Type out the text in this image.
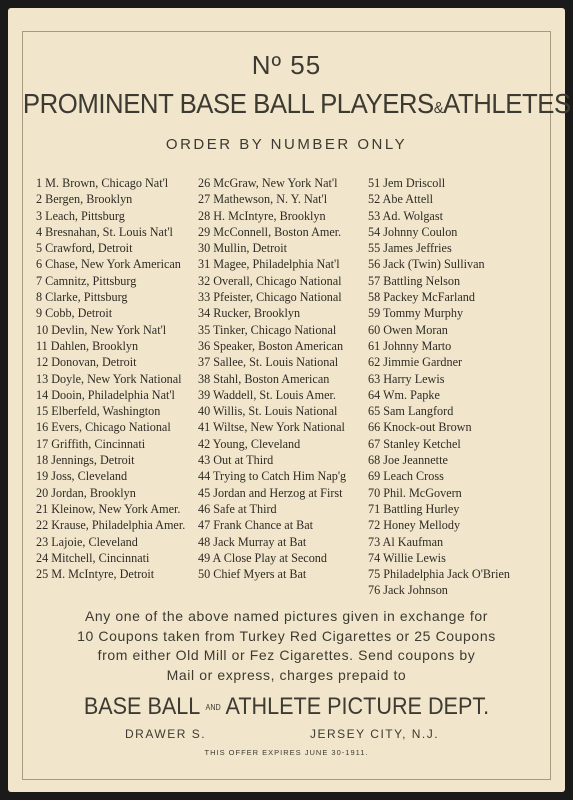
Nº 55
PROMINENT BASE BALL PLAYERS&ATHLETES
ORDER BY NUMBER ONLY
1 M. Brown, Chicago Nat'l
2 Bergen, Brooklyn
3 Leach, Pittsburg
4 Bresnahan, St. Louis Nat'l
5 Crawford, Detroit
6 Chase, New York American
7 Camnitz, Pittsburg
8 Clarke, Pittsburg
9 Cobb, Detroit
10 Devlin, New York Nat'l
11 Dahlen, Brooklyn
12 Donovan, Detroit
13 Doyle, New York National
14 Dooin, Philadelphia Nat'l
15 Elberfeld, Washington
16 Evers, Chicago National
17 Griffith, Cincinnati
18 Jennings, Detroit
19 Joss, Cleveland
20 Jordan, Brooklyn
21 Kleinow, New York Amer.
22 Krause, Philadelphia Amer.
23 Lajoie, Cleveland
24 Mitchell, Cincinnati
25 M. McIntyre, Detroit
26 McGraw, New York Nat'l
27 Mathewson, N. Y. Nat'l
28 H. McIntyre, Brooklyn
29 McConnell, Boston Amer.
30 Mullin, Detroit
31 Magee, Philadelphia Nat'l
32 Overall, Chicago National
33 Pfeister, Chicago National
34 Rucker, Brooklyn
35 Tinker, Chicago National
36 Speaker, Boston American
37 Sallee, St. Louis National
38 Stahl, Boston American
39 Waddell, St. Louis Amer.
40 Willis, St. Louis National
41 Wiltse, New York National
42 Young, Cleveland
43 Out at Third
44 Trying to Catch Him Nap'g
45 Jordan and Herzog at First
46 Safe at Third
47 Frank Chance at Bat
48 Jack Murray at Bat
49 A Close Play at Second
50 Chief Myers at Bat
51 Jem Driscoll
52 Abe Attell
53 Ad. Wolgast
54 Johnny Coulon
55 James Jeffries
56 Jack (Twin) Sullivan
57 Battling Nelson
58 Packey McFarland
59 Tommy Murphy
60 Owen Moran
61 Johnny Marto
62 Jimmie Gardner
63 Harry Lewis
64 Wm. Papke
65 Sam Langford
66 Knock-out Brown
67 Stanley Ketchel
68 Joe Jeannette
69 Leach Cross
70 Phil. McGovern
71 Battling Hurley
72 Honey Mellody
73 Al Kaufman
74 Willie Lewis
75 Philadelphia Jack O'Brien
76 Jack Johnson
Any one of the above named pictures given in exchange for
10 Coupons taken from Turkey Red Cigarettes or 25 Coupons
from either Old Mill or Fez Cigarettes. Send coupons by
Mail or express, charges prepaid to
BASE BALL AND ATHLETE PICTURE DEPT.
DRAWER S.	JERSEY CITY, N.J.
THIS OFFER EXPIRES JUNE 30-1911.
